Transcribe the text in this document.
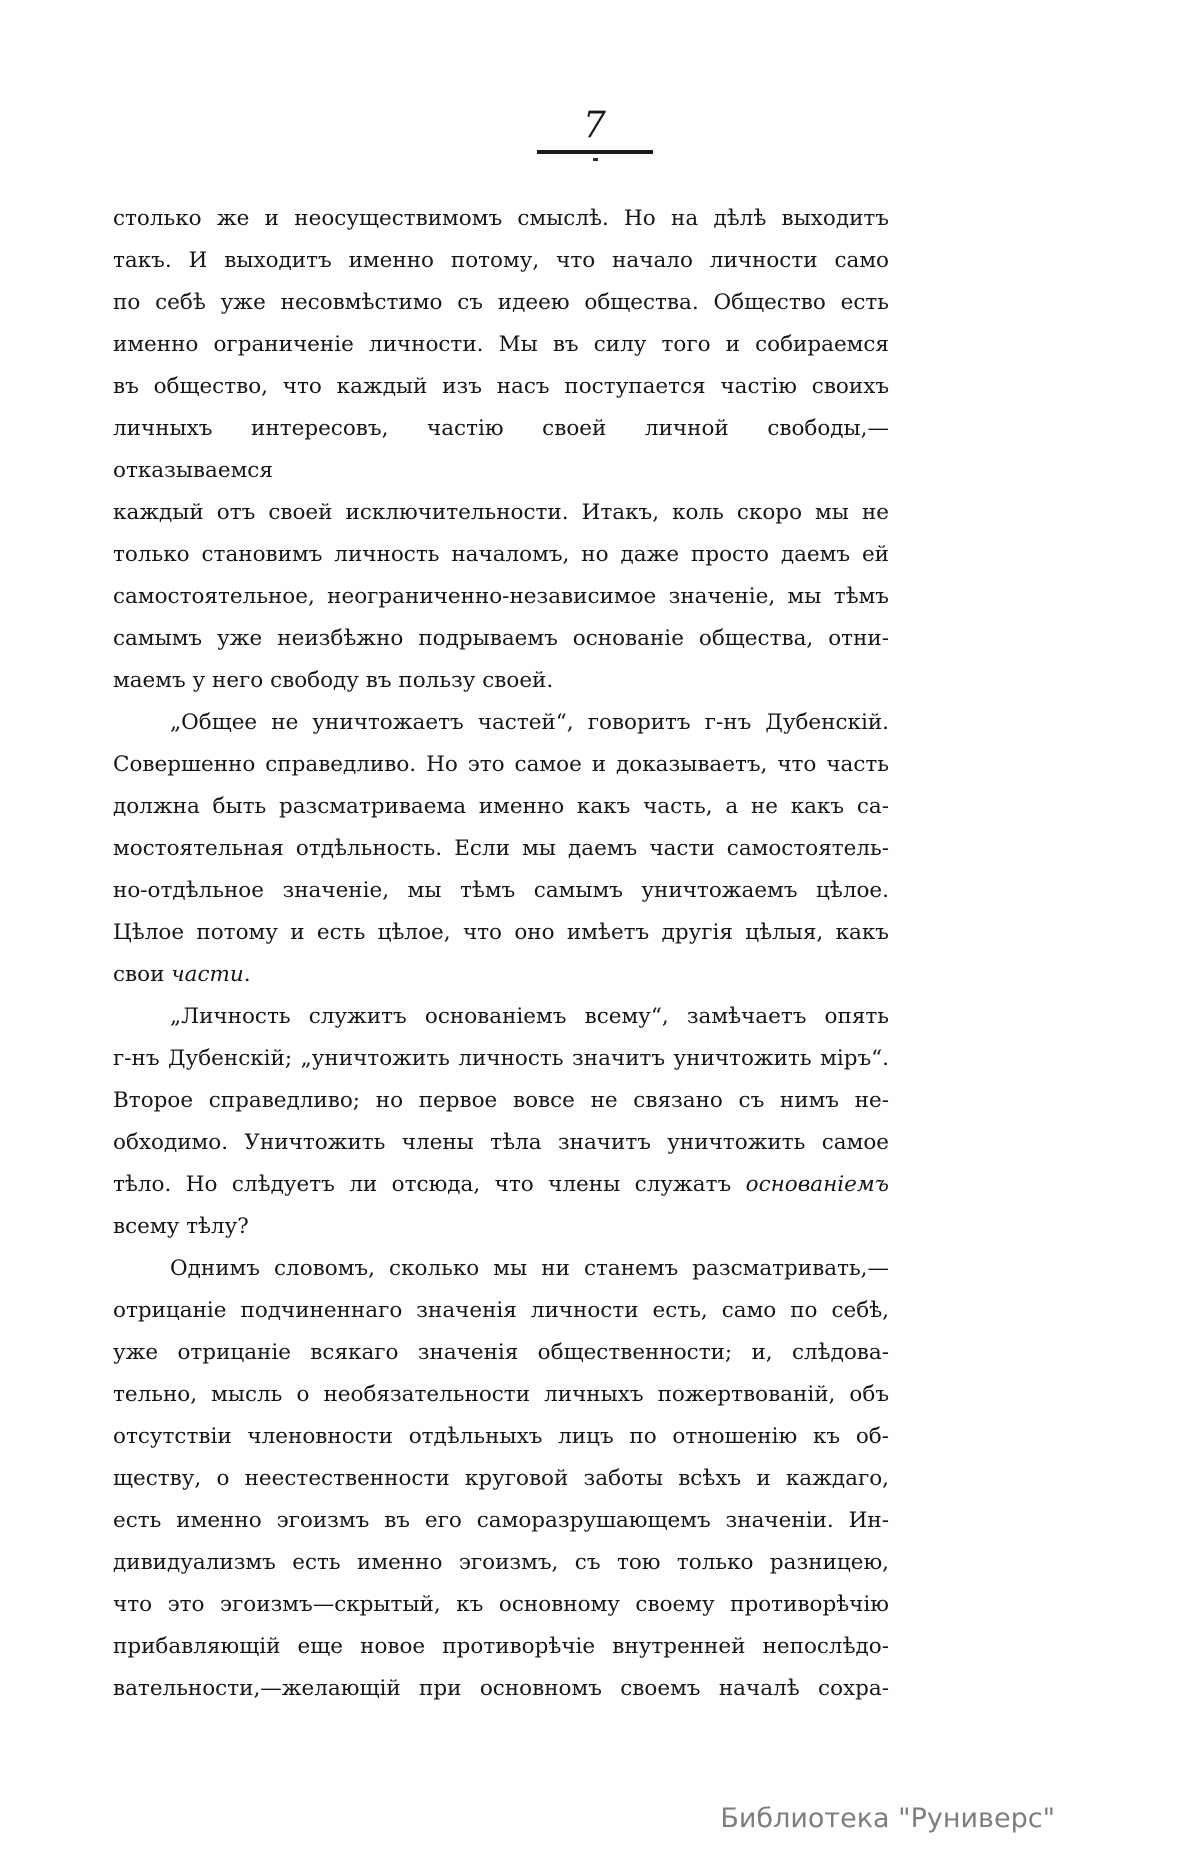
7
столько же и неосуществимомъ смыслѣ. Но на дѣлѣ выходитъ
такъ. И выходитъ именно потому, что начало личности само
по себѣ уже несовмѣстимо съ идеею общества. Общество есть
именно ограниченіе личности. Мы въ силу того и собираемся
въ общество, что каждый изъ насъ поступается частію своихъ
личныхъ интересовъ, частію своей личной свободы,—отказываемся
каждый отъ своей исключительности. Итакъ, коль скоро мы не
только становимъ личность началомъ, но даже просто даемъ ей
самостоятельное, неограниченно-независимое значеніе, мы тѣмъ
самымъ уже неизбѣжно подрываемъ основаніе общества, отни-
маемъ у него свободу въ пользу своей.
„Общее не уничтожаетъ частей“, говоритъ г-нъ Дубенскій.
Совершенно справедливо. Но это самое и доказываетъ, что часть
должна быть разсматриваема именно какъ часть, а не какъ са-
мостоятельная отдѣльность. Если мы даемъ части самостоятель-
но-отдѣльное значеніе, мы тѣмъ самымъ уничтожаемъ цѣлое.
Цѣлое потому и есть цѣлое, что оно имѣетъ другія цѣлыя, какъ
свои части.
„Личность служитъ основаніемъ всему“, замѣчаетъ опять
г-нъ Дубенскій; „уничтожить личность значитъ уничтожить міръ“.
Второе справедливо; но первое вовсе не связано съ нимъ не-
обходимо. Уничтожить члены тѣла значитъ уничтожить самое
тѣло. Но слѣдуетъ ли отсюда, что члены служатъ основаніемъ
всему тѣлу?
Однимъ словомъ, сколько мы ни станемъ разсматривать,—
отрицаніе подчиненнаго значенія личности есть, само по себѣ,
уже отрицаніе всякаго значенія общественности; и, слѣдова-
тельно, мысль о необязательности личныхъ пожертвованій, объ
отсутствіи членовности отдѣльныхъ лицъ по отношенію къ об-
ществу, о неестественности круговой заботы всѣхъ и каждаго,
есть именно эгоизмъ въ его саморазрушающемъ значеніи. Ин-
дивидуализмъ есть именно эгоизмъ, съ тою только разницею,
что это эгоизмъ—скрытый, къ основному своему противорѣчію
прибавляющій еще новое противорѣчіе внутренней непослѣдо-
вательности,—желающій при основномъ своемъ началѣ сохра-
Библиотека "Руниверс"
